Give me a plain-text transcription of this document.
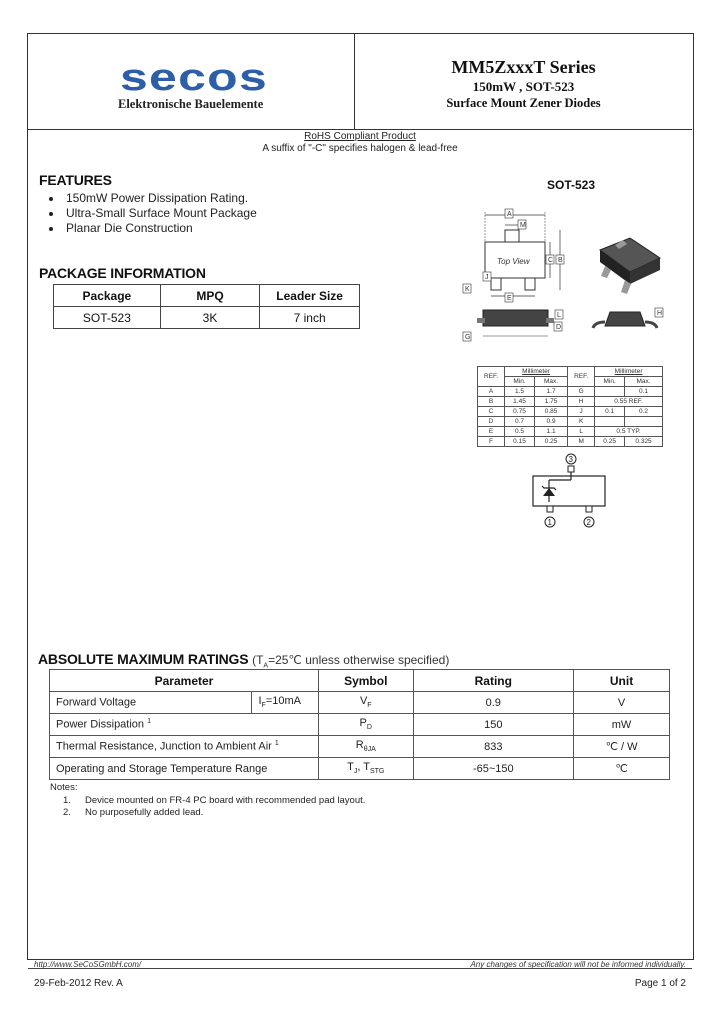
secos
Elektronische Bauelemente
MM5ZxxxT Series
150mW , SOT-523
Surface Mount Zener Diodes
RoHS Compliant Product
A suffix of "-C" specifies halogen & lead-free
FEATURES
150mW Power Dissipation Rating.
Ultra-Small Surface Mount Package
Planar Die Construction
PACKAGE INFORMATION
Package	MPQ	Leader Size
SOT-523	3K	7 inch
SOT-523
Top View
A
M
C B
K
E
J
G
D
H
L
REF.	Millimeter		REF.	Millimeter	
	Min.	Max.		Min.	Max.
A	1.5	1.7	G		0.1
B	1.45	1.75	H	0.55 REF.	
C	0.75	0.85	J	0.1	0.2
D	0.7	0.9	K		
E	0.5	1.1	L	0.5 TYP.	
F	0.15	0.25	M	0.25	0.325
3
1	2
ABSOLUTE MAXIMUM RATINGS ($T_A=25℃$ unless otherwise specified)
Parameter		Symbol	Rating	Unit
Forward Voltage	$I_F=10mA$	$V_F$	0.9	V
Power Dissipation $^1$		$P_D$	150	mW
Thermal Resistance, Junction to Ambient Air $^1$		$R_{\theta JA}$	833	℃ / W
Operating and Storage Temperature Range		$T_J$, $T_{STG}$	-65~150	℃
Notes:
1. Device mounted on FR-4 PC board with recommended pad layout.
2. No purposefully added lead.
http://www.SeCoSGmbH.com/	Any changes of specification will not be informed individually.
29-Feb-2012 Rev. A	Page 1 of 2
